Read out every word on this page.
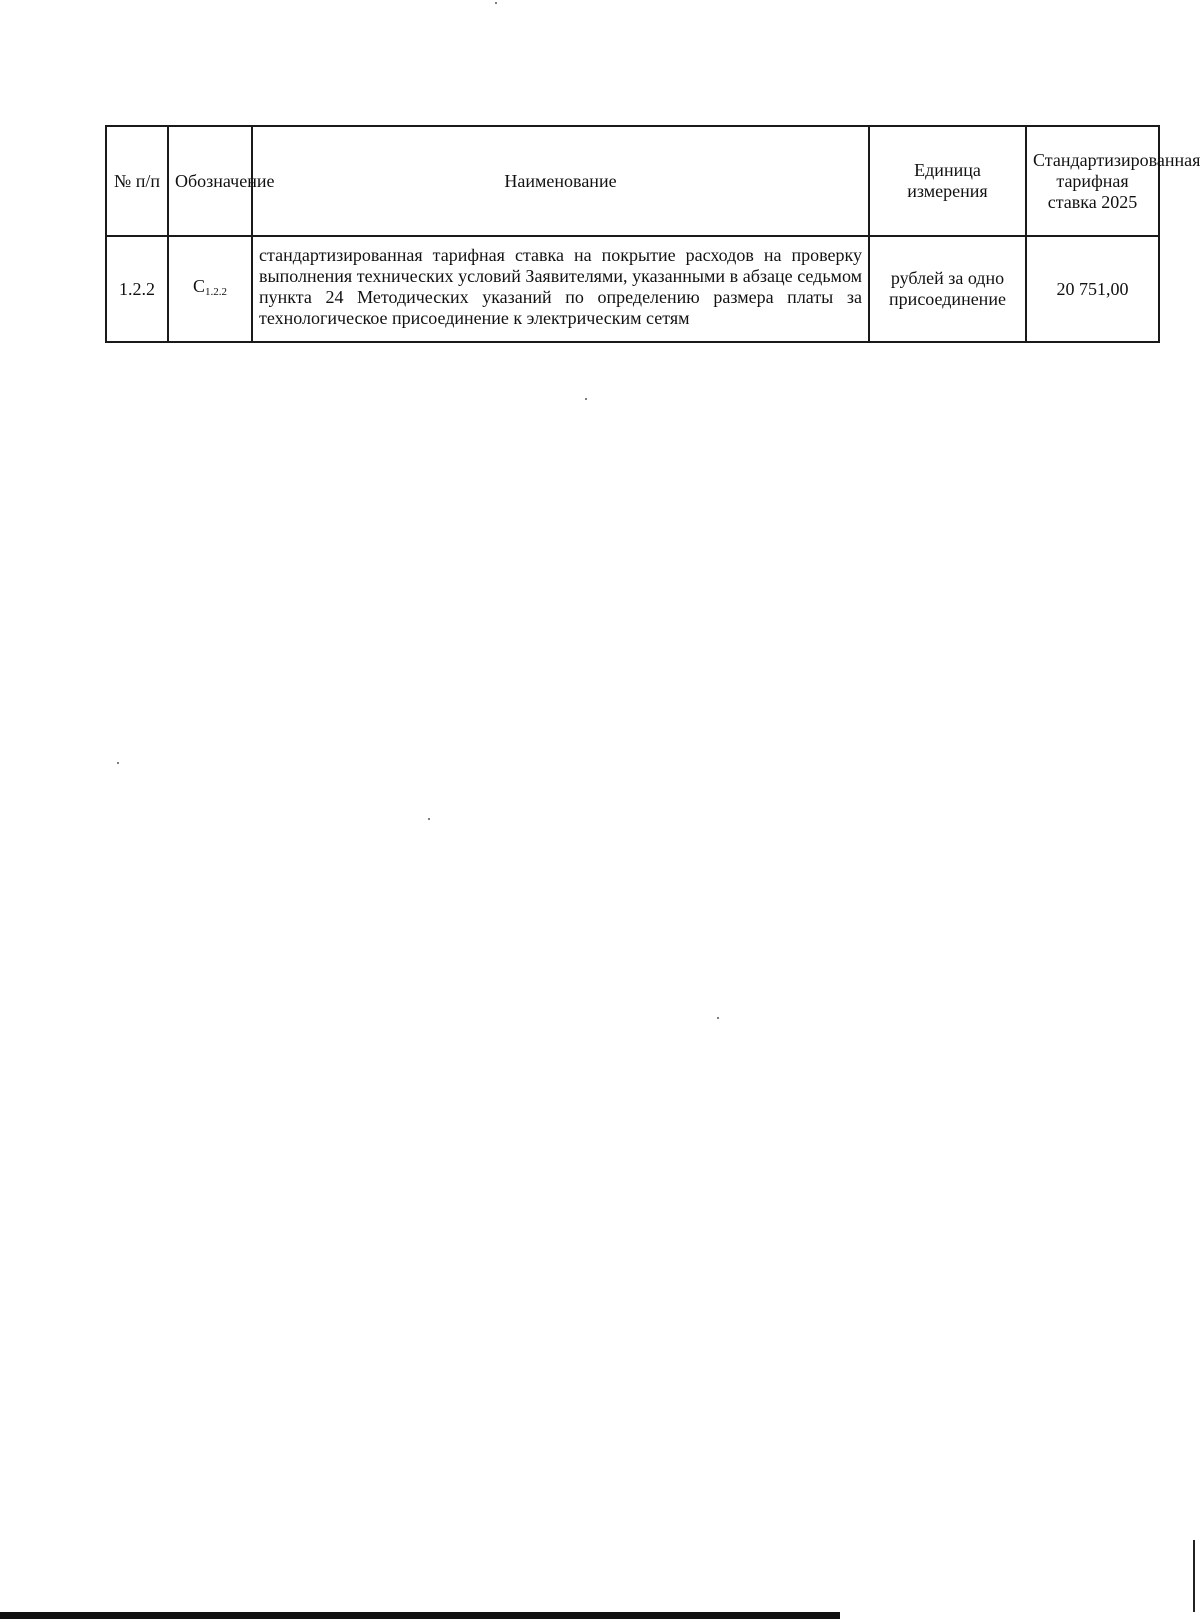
№ п/п	Обозначение	Наименование	Единица измерения	Стандартизированная тарифная ставка 2025
1.2.2	$C_{1.2.2}$	стандартизированная тарифная ставка на покрытие расходов на проверку выполнения технических условий Заявителями, указанными в абзаце седьмом пункта 24 Методических указаний по определению размера платы за технологическое присоединение к электрическим сетям	рублей за одно присоединение	20 751,00
